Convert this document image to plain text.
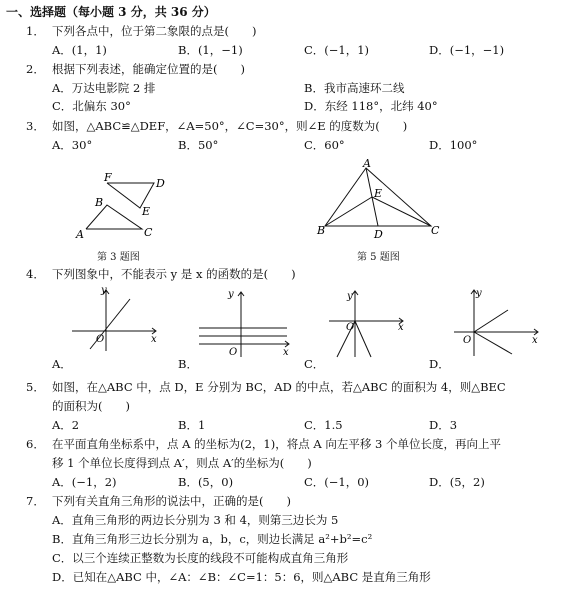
一、选择题（每小题 3 分，共 36 分）
1． 下列各点中，位于第二象限的点是(　　)
A．(1，1)	B．(1，−1)	C．(−1，1)	D．(−1，−1)
2． 根据下列表述，能确定位置的是(　　)
A．万达电影院 2 排	B．我市高速环二线
C．北偏东 30°	D．东经 118°，北纬 40°
3． 如图，△ABC≌△DEF，∠A=50°，∠C=30°，则∠E 的度数为(　　)
A．30°	B．50°	C．60°	D．100°
A
B
C
D
E
F
第 3 题图
A
B	C
D
E
第 5 题图
4． 下列图象中，不能表示 y 是 x 的函数的是(　　)
y
x
O
y
x
O
y
x
O
y
x
O
A．	B．	C．	D．
5． 如图，在△ABC 中，点 D，E 分别为 BC，AD 的中点，若△ABC 的面积为 4，则△BEC
的面积为(　　)
A．2	B．1	C．1.5	D．3
6． 在平面直角坐标系中，点 A 的坐标为(2，1)，将点 A 向左平移 3 个单位长度，再向上平
移 1 个单位长度得到点 A′，则点 A′的坐标为(　　)
A．(−1，2)	B．(5，0)	C．(−1，0)	D．(5，2)
7． 下列有关直角三角形的说法中，正确的是(　　)
A．直角三角形的两边长分别为 3 和 4，则第三边长为 5
B．直角三角形三边长分别为 a，b，c，则边长满足 a²+b²=c²
C．以三个连续正整数为长度的线段不可能构成直角三角形
D．已知在△ABC 中，∠A：∠B：∠C=1：5：6，则△ABC 是直角三角形
